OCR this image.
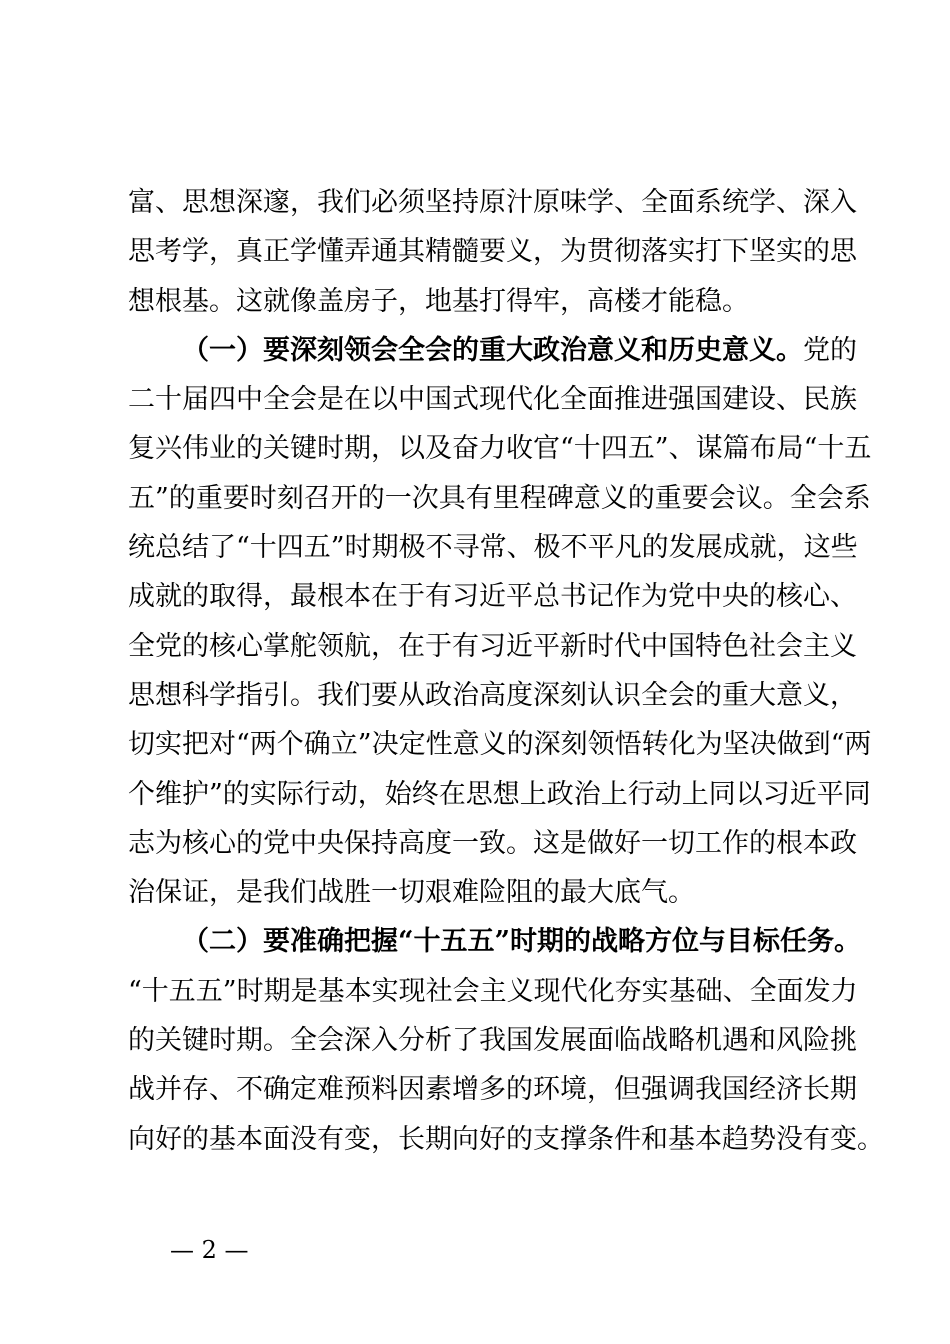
富、思想深邃，我们必须坚持原汁原味学、全面系统学、深入
思考学，真正学懂弄通其精髓要义，为贯彻落实打下坚实的思
想根基。这就像盖房子，地基打得牢，高楼才能稳。
（一）要深刻领会全会的重大政治意义和历史意义。党的
二十届四中全会是在以中国式现代化全面推进强国建设、民族
复兴伟业的关键时期，以及奋力收官“十四五”、谋篇布局“十五
五”的重要时刻召开的一次具有里程碑意义的重要会议。全会系
统总结了“十四五”时期极不寻常、极不平凡的发展成就，这些
成就的取得，最根本在于有习近平总书记作为党中央的核心、
全党的核心掌舵领航，在于有习近平新时代中国特色社会主义
思想科学指引。我们要从政治高度深刻认识全会的重大意义，
切实把对“两个确立”决定性意义的深刻领悟转化为坚决做到“两
个维护”的实际行动，始终在思想上政治上行动上同以习近平同
志为核心的党中央保持高度一致。这是做好一切工作的根本政
治保证，是我们战胜一切艰难险阻的最大底气。
（二）要准确把握“十五五”时期的战略方位与目标任务。
“十五五”时期是基本实现社会主义现代化夯实基础、全面发力
的关键时期。全会深入分析了我国发展面临战略机遇和风险挑
战并存、不确定难预料因素增多的环境，但强调我国经济长期
向好的基本面没有变，长期向好的支撑条件和基本趋势没有变。
— 2 —
